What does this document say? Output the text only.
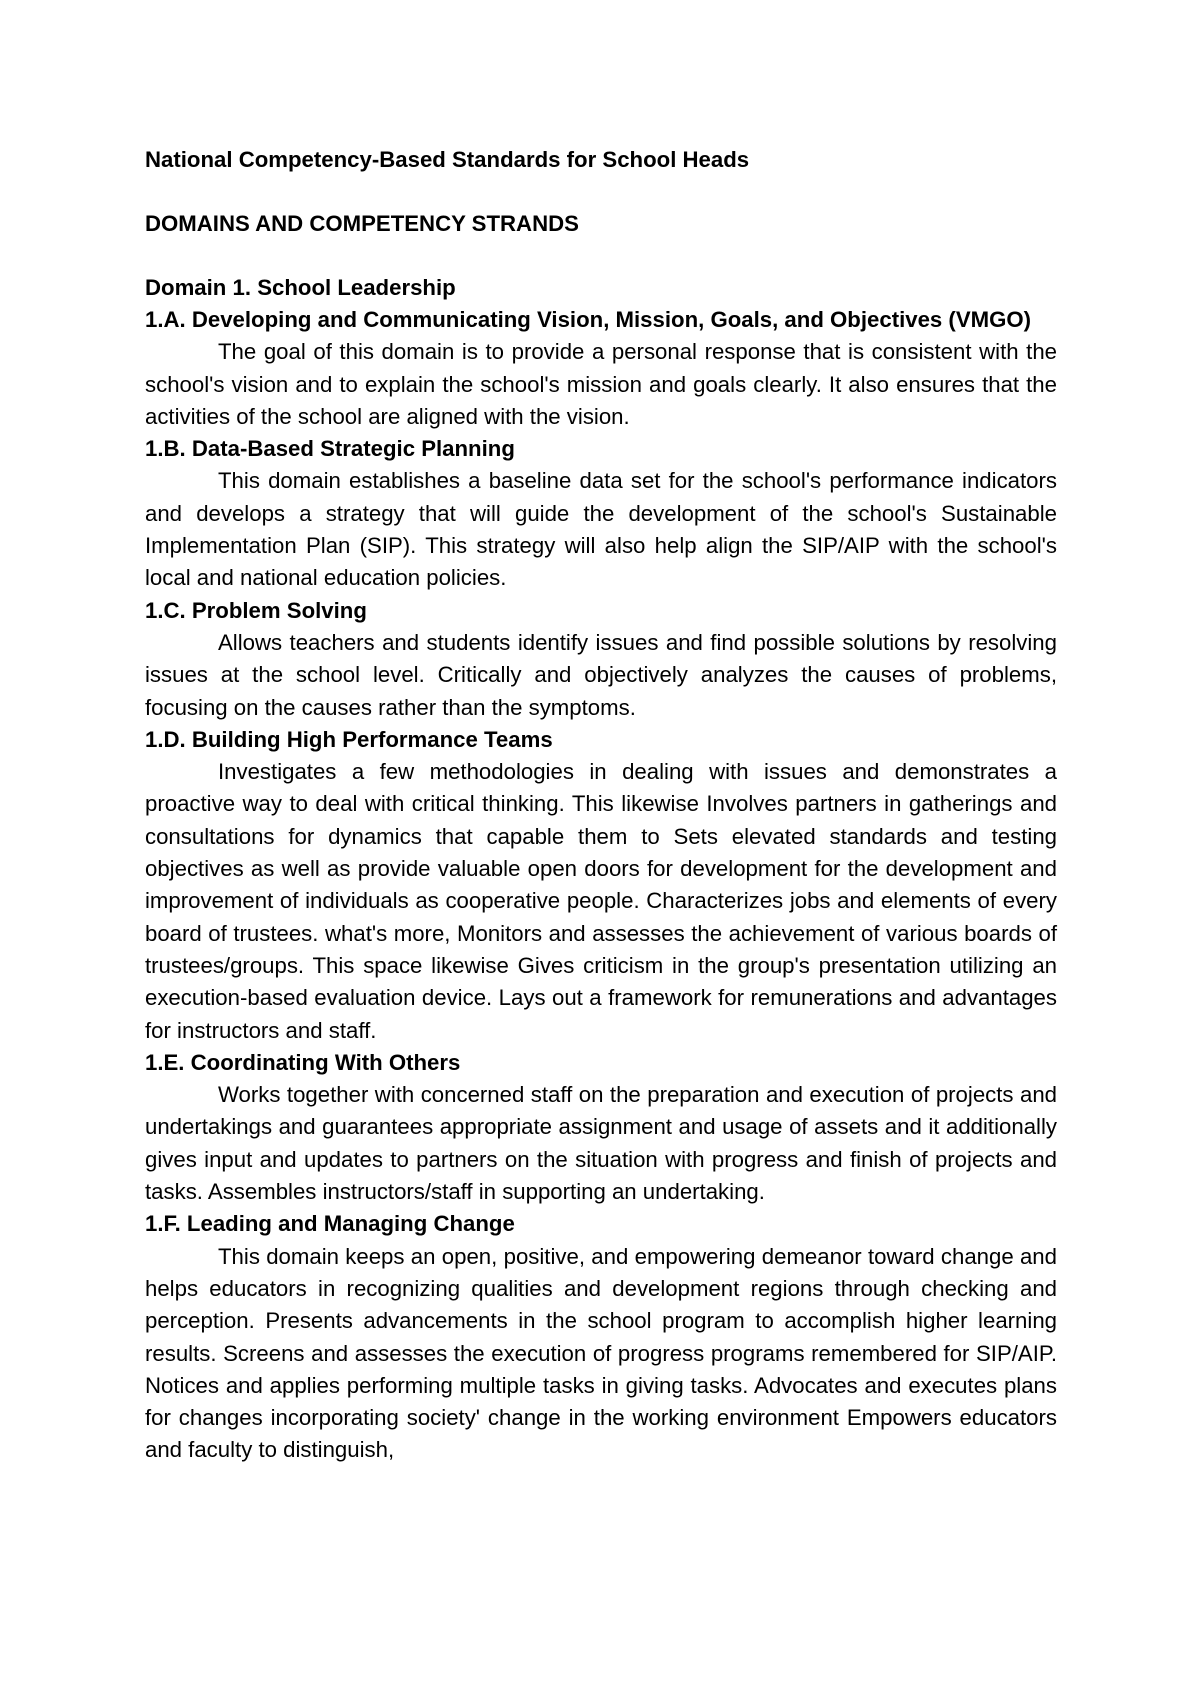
National Competency-Based Standards for School Heads

DOMAINS AND COMPETENCY STRANDS

Domain 1. School Leadership

1.A. Developing and Communicating Vision, Mission, Goals, and Objectives (VMGO)

The goal of this domain is to provide a personal response that is consistent with the school's vision and to explain the school's mission and goals clearly. It also ensures that the activities of the school are aligned with the vision.

1.B. Data-Based Strategic Planning

This domain establishes a baseline data set for the school's performance indicators and develops a strategy that will guide the development of the school's Sustainable Implementation Plan (SIP). This strategy will also help align the SIP/AIP with the school's local and national education policies.

1.C. Problem Solving

Allows teachers and students identify issues and find possible solutions by resolving issues at the school level. Critically and objectively analyzes the causes of problems, focusing on the causes rather than the symptoms.

1.D. Building High Performance Teams

Investigates a few methodologies in dealing with issues and demonstrates a proactive way to deal with critical thinking. This likewise Involves partners in gatherings and consultations for dynamics that capable them to Sets elevated standards and testing objectives as well as provide valuable open doors for development for the development and improvement of individuals as cooperative people. Characterizes jobs and elements of every board of trustees. what's more, Monitors and assesses the achievement of various boards of trustees/groups. This space likewise Gives criticism in the group's presentation utilizing an execution-based evaluation device. Lays out a framework for remunerations and advantages for instructors and staff.

1.E. Coordinating With Others

Works together with concerned staff on the preparation and execution of projects and undertakings and guarantees appropriate assignment and usage of assets and it additionally gives input and updates to partners on the situation with progress and finish of projects and tasks. Assembles instructors/staff in supporting an undertaking.

1.F. Leading and Managing Change

This domain keeps an open, positive, and empowering demeanor toward change and helps educators in recognizing qualities and development regions through checking and perception. Presents advancements in the school program to accomplish higher learning results. Screens and assesses the execution of progress programs remembered for SIP/AIP. Notices and applies performing multiple tasks in giving tasks. Advocates and executes plans for changes incorporating society' change in the working environment Empowers educators and faculty to distinguish,
